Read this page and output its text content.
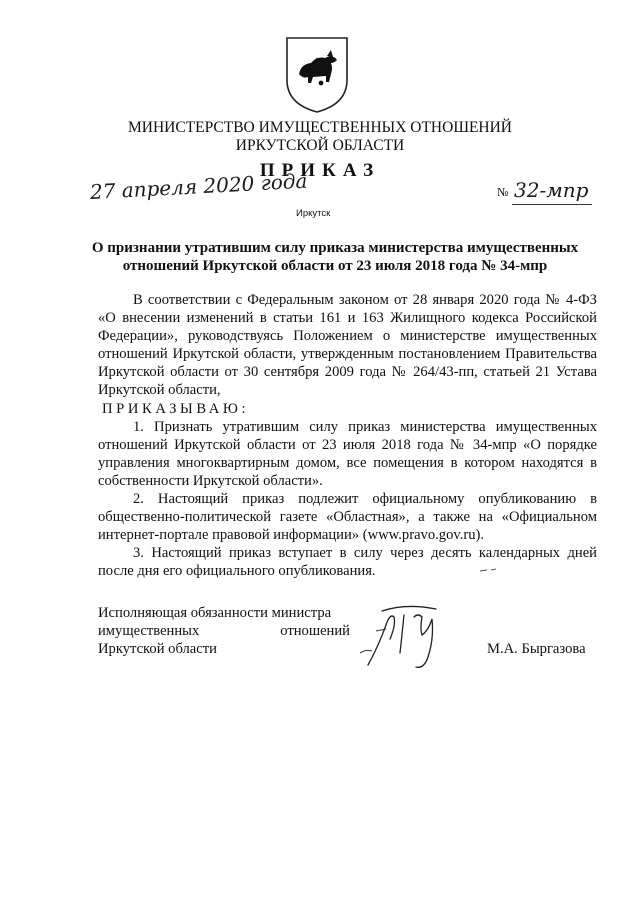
МИНИСТЕРСТВО ИМУЩЕСТВЕННЫХ ОТНОШЕНИЙ
ИРКУТСКОЙ ОБЛАСТИ
ПРИКАЗ
27 апреля 2020 года	№ 32-мпр
Иркутск
О признании утратившим силу приказа министерства имущественных
отношений Иркутской области от 23 июля 2018 года № 34-мпр

В соответствии с Федеральным законом от 28 января 2020 года № 4-ФЗ «О внесении изменений в статьи 161 и 163 Жилищного кодекса Российской Федерации», руководствуясь Положением о министерстве имущественных отношений Иркутской области, утвержденным постановлением Правительства Иркутской области от 30 сентября 2009 года № 264/43-пп, статьей 21 Устава Иркутской области,

ПРИКАЗЫВАЮ:

1. Признать утратившим силу приказ министерства имущественных отношений Иркутской области от 23 июля 2018 года № 34-мпр «О порядке управления многоквартирным домом, все помещения в котором находятся в собственности Иркутской области».

2. Настоящий приказ подлежит официальному опубликованию в общественно-политической газете «Областная», а также на «Официальном интернет-портале правовой информации» (www.pravo.gov.ru).

3. Настоящий приказ вступает в силу через десять календарных дней после дня его официального опубликования.

Исполняющая обязанности министра

имущественных отношений

Иркутской области	М.А. Быргазова
